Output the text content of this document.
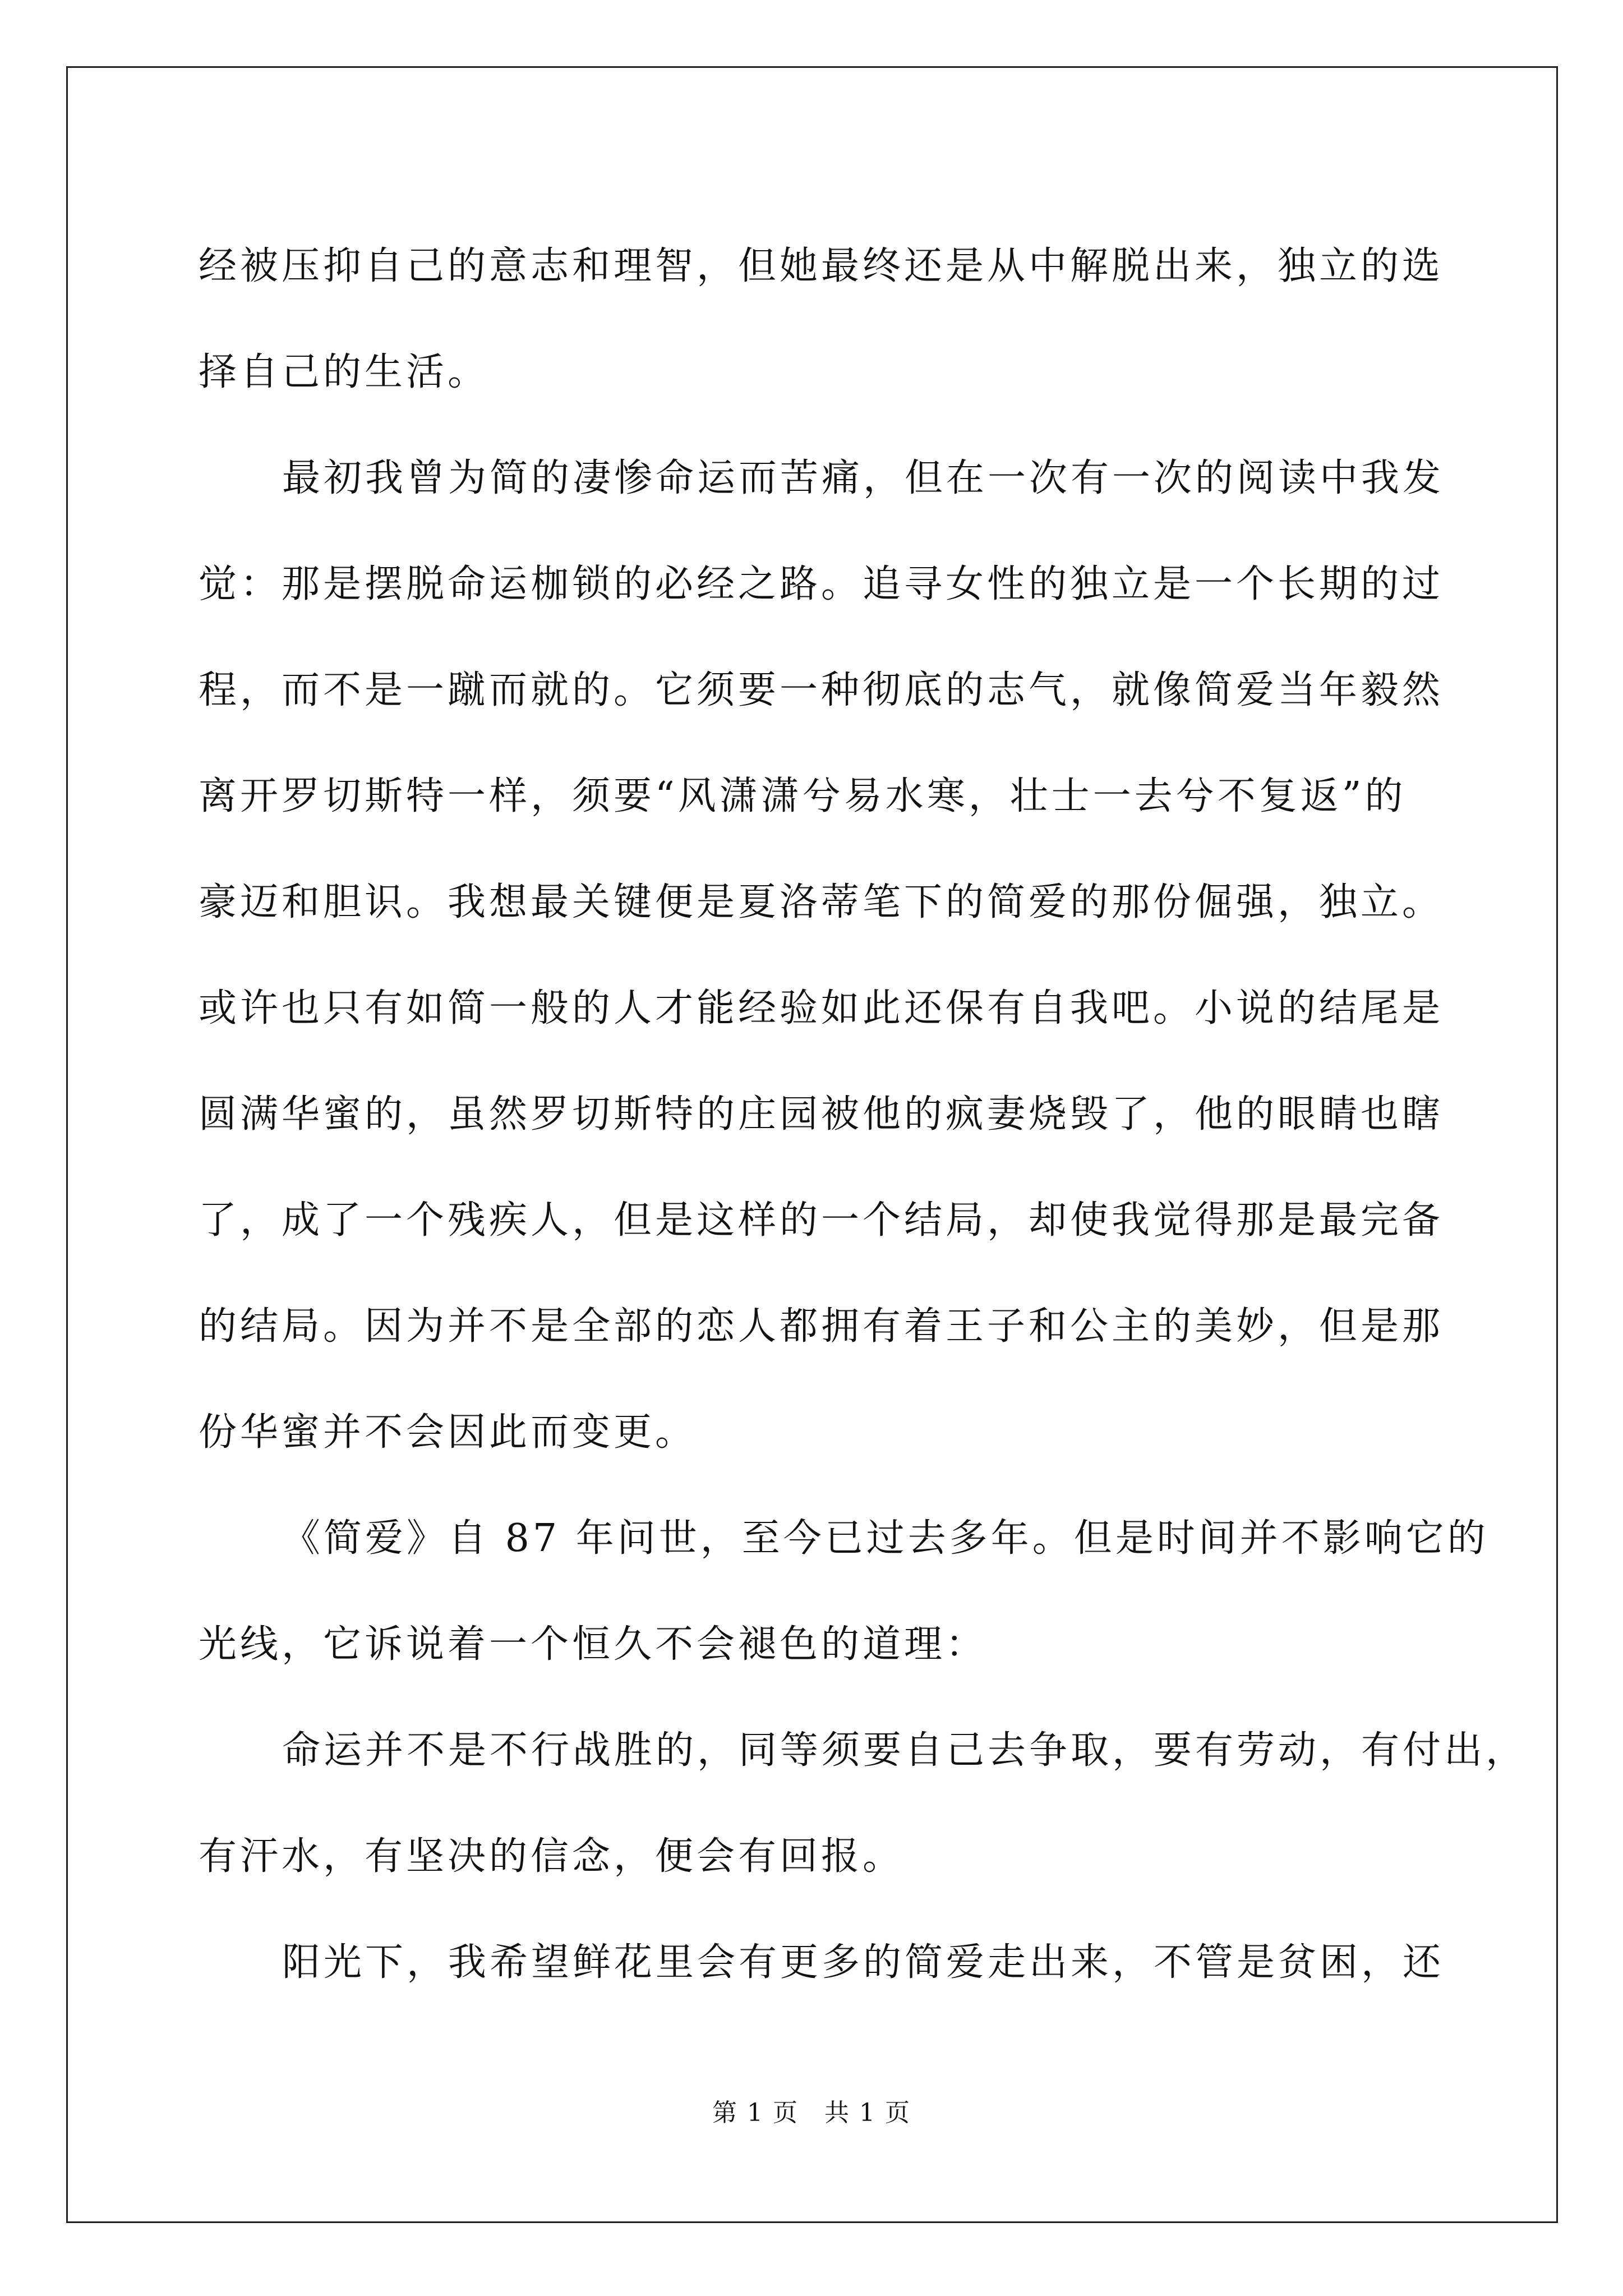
经被压抑自己的意志和理智，但她最终还是从中解脱出来，独立的选
择自己的生活。
最初我曾为简的凄惨命运而苦痛，但在一次有一次的阅读中我发
觉：那是摆脱命运枷锁的必经之路。追寻女性的独立是一个长期的过
程，而不是一蹴而就的。它须要一种彻底的志气，就像简爱当年毅然
离开罗切斯特一样，须要“风潇潇兮易水寒，壮士一去兮不复返”的
豪迈和胆识。我想最关键便是夏洛蒂笔下的简爱的那份倔强，独立。
或许也只有如简一般的人才能经验如此还保有自我吧。小说的结尾是
圆满华蜜的，虽然罗切斯特的庄园被他的疯妻烧毁了，他的眼睛也瞎
了，成了一个残疾人，但是这样的一个结局，却使我觉得那是最完备
的结局。因为并不是全部的恋人都拥有着王子和公主的美妙，但是那
份华蜜并不会因此而变更。
《简爱》自 87 年问世，至今已过去多年。但是时间并不影响它的
光线，它诉说着一个恒久不会褪色的道理：
命运并不是不行战胜的，同等须要自己去争取，要有劳动，有付出，
有汗水，有坚决的信念，便会有回报。
阳光下，我希望鲜花里会有更多的简爱走出来，不管是贫困，还
第 1 页　共 1 页
